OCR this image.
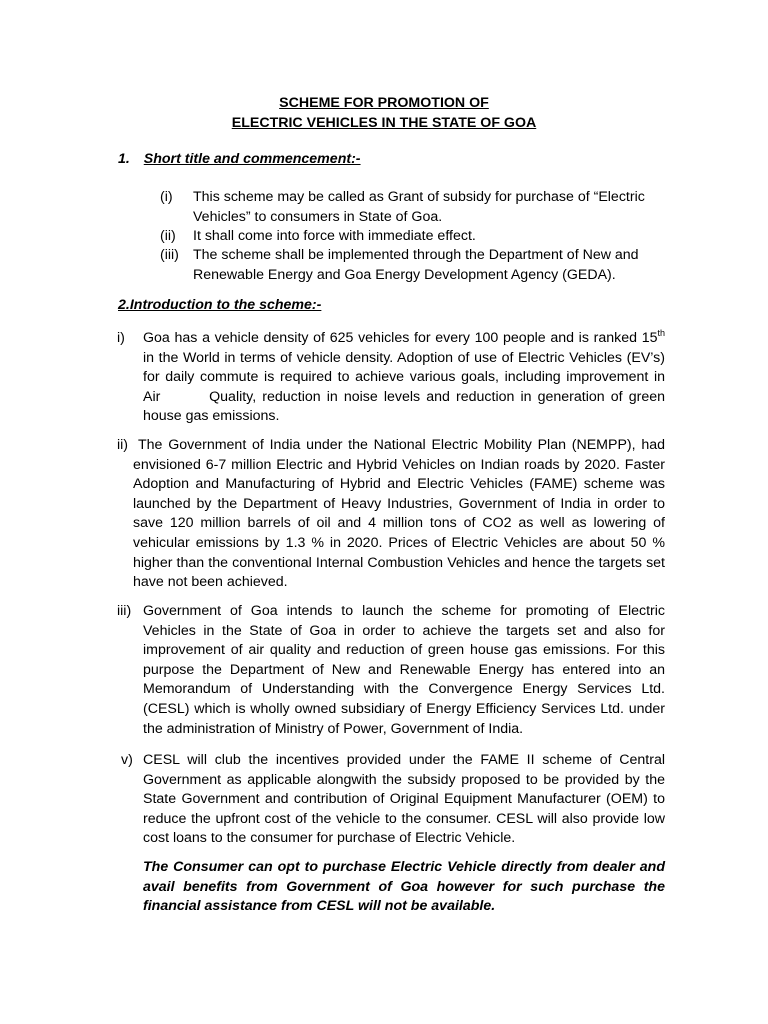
SCHEME FOR PROMOTION OF
ELECTRIC VEHICLES IN THE STATE OF GOA
1. Short title and commencement:-
(i) This scheme may be called as Grant of subsidy for purchase of “Electric
Vehicles” to consumers in State of Goa.
(ii) It shall come into force with immediate effect.
(iii) The scheme shall be implemented through the Department of New and
Renewable Energy and Goa Energy Development Agency (GEDA).
2.Introduction to the scheme:-
i) Goa has a vehicle density of 625 vehicles for every 100 people and is ranked 15th
in the World in terms of vehicle density. Adoption of use of Electric Vehicles (EV’s)
for daily commute is required to achieve various goals, including improvement in
Air        Quality, reduction in noise levels and reduction in generation of green
house gas emissions.
ii) The Government of India under the National Electric Mobility Plan (NEMPP), had
envisioned 6-7 million Electric and Hybrid Vehicles on Indian roads by 2020. Faster
Adoption and Manufacturing of Hybrid and Electric Vehicles (FAME) scheme was
launched by the Department of Heavy Industries, Government of India in order to
save 120 million barrels of oil and 4 million tons of CO2 as well as lowering of
vehicular emissions by 1.3 % in 2020. Prices of Electric Vehicles are about 50 %
higher than the conventional Internal Combustion Vehicles and hence the targets set
have not been achieved.
iii) Government of Goa intends to launch the scheme for promoting of Electric
Vehicles in the State of Goa in order to achieve the targets set and also for
improvement of air quality and reduction of green house gas emissions. For this
purpose the Department of New and Renewable Energy has entered into an
Memorandum of Understanding with the Convergence Energy Services Ltd.
(CESL) which is wholly owned subsidiary of Energy Efficiency Services Ltd. under
the administration of Ministry of Power, Government of India.
v) CESL will club the incentives provided under the FAME II scheme of Central
Government as applicable alongwith the subsidy proposed to be provided by the
State Government and contribution of Original Equipment Manufacturer (OEM) to
reduce the upfront cost of the vehicle to the consumer. CESL will also provide low
cost loans to the consumer for purchase of Electric Vehicle.
The Consumer can opt to purchase Electric Vehicle directly from dealer and
avail benefits from Government of Goa however for such purchase the
financial assistance from CESL will not be available.
